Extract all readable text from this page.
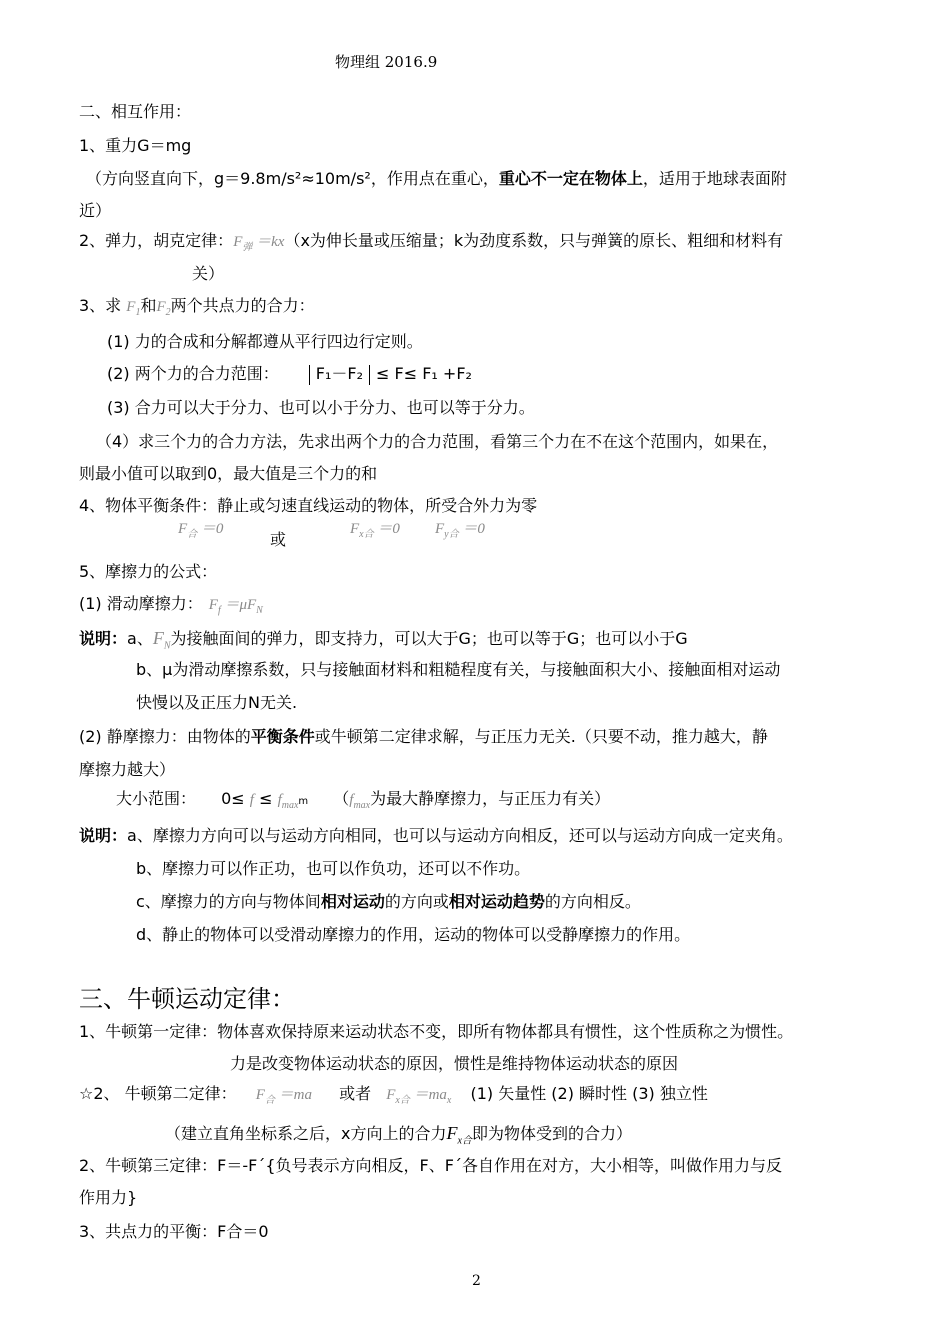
物理组 2016.9
二、相互作用：
1、重力G＝mg
（方向竖直向下，g＝9.8m/s²≈10m/s²，作用点在重心，重心不一定在物体上，适用于地球表面附
近）
2、弹力，胡克定律：$F_弹 =kx(x$为伸长量或压缩量；k为劲度系数，只与弹簧的原长、粗细和材料有
关）
3、求 $F_1$和$F_2$两个共点力的合力：
(1) 力的合成和分解都遵从平行四边行定则。
(2) 两个力的合力范围： F₁－F₂ ≤ F≤ F₁ +F₂
(3) 合力可以大于分力、也可以小于分力、也可以等于分力。
（4）求三个力的合力方法，先求出两个力的合力范围，看第三个力在不在这个范围内，如果在，
则最小值可以取到0，最大值是三个力的和
4、物体平衡条件：静止或匀速直线运动的物体，所受合外力为零
$F_合 =0$
或
$F_{x合} =0$ $F_{y合} =0$
5、摩擦力的公式：
(1) 滑动摩擦力： $F_f =\mu F_N$
说明：a、$F_N$为接触面间的弹力，即支持力，可以大于G；也可以等于G；也可以小于G
b、μ为滑动摩擦系数，只与接触面材料和粗糙程度有关，与接触面积大小、接触面相对运动
快慢以及正压力N无关.
(2) 静摩擦力：由物体的平衡条件或牛顿第二定律求解，与正压力无关.（只要不动，推力越大，静
摩擦力越大）
大小范围： $0\le f \le f_{max}m$ （$f_{max}$为最大静摩擦力，与正压力有关）
说明：a、摩擦力方向可以与运动方向相同，也可以与运动方向相反，还可以与运动方向成一定夹角。
b、摩擦力可以作正功，也可以作负功，还可以不作功。
c、摩擦力的方向与物体间相对运动的方向或相对运动趋势的方向相反。
d、静止的物体可以受滑动摩擦力的作用，运动的物体可以受静摩擦力的作用。
三、牛顿运动定律：
1、牛顿第一定律：物体喜欢保持原来运动状态不变，即所有物体都具有惯性，这个性质称之为惯性。
力是改变物体运动状态的原因，惯性是维持物体运动状态的原因
☆2、 牛顿第二定律： $F_合 =ma$ 或者 $F_{x合} =ma_x$ (1) 矢量性 (2) 瞬时性 (3) 独立性
（建立直角坐标系之后，x方向上的合力$F_{x合}$即为物体受到的合力）
2、牛顿第三定律：F＝-F´{负号表示方向相反，F、F´各自作用在对方，大小相等，叫做作用力与反
作用力}
3、共点力的平衡：F合＝0
2
